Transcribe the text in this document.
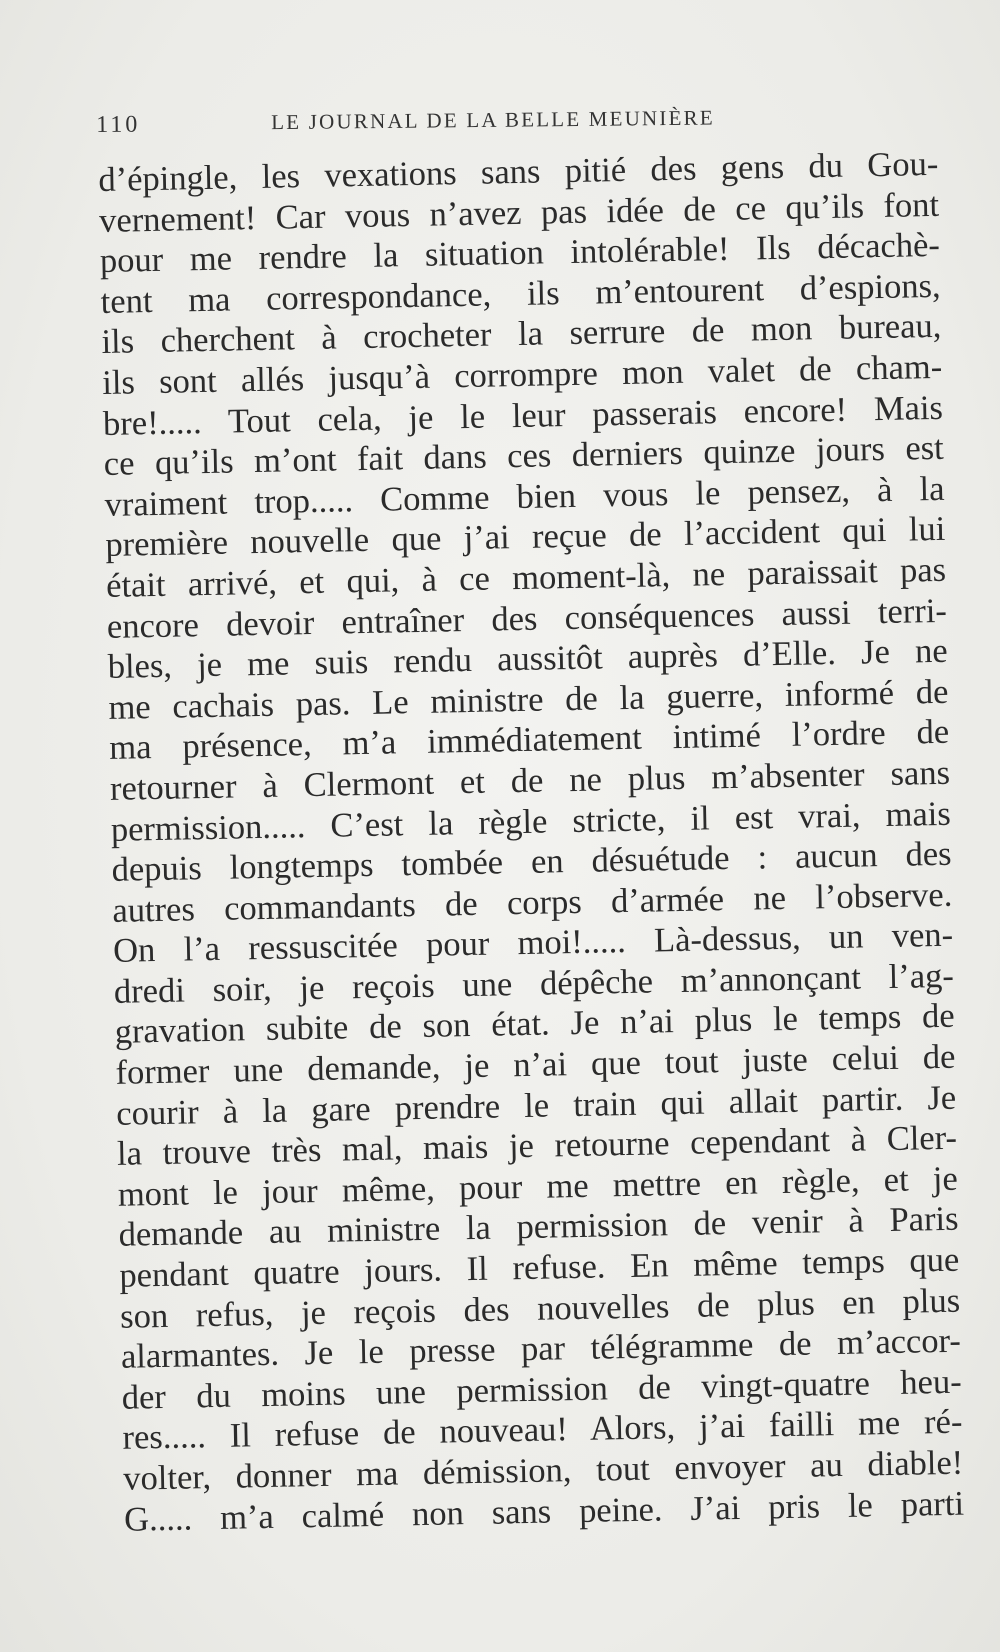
110	LE JOURNAL DE LA BELLE MEUNIÈRE
d’épingle, les vexations sans pitié des gens du Gou-
vernement! Car vous n’avez pas idée de ce qu’ils font
pour me rendre la situation intolérable! Ils décachè-
tent ma correspondance, ils m’entourent d’espions,
ils cherchent à crocheter la serrure de mon bureau,
ils sont allés jusqu’à corrompre mon valet de cham-
bre!..... Tout cela, je le leur passerais encore! Mais
ce qu’ils m’ont fait dans ces derniers quinze jours est
vraiment trop..... Comme bien vous le pensez, à la
première nouvelle que j’ai reçue de l’accident qui lui
était arrivé, et qui, à ce moment-là, ne paraissait pas
encore devoir entraîner des conséquences aussi terri-
bles, je me suis rendu aussitôt auprès d’Elle. Je ne
me cachais pas. Le ministre de la guerre, informé de
ma présence, m’a immédiatement intimé l’ordre de
retourner à Clermont et de ne plus m’absenter sans
permission..... C’est la règle stricte, il est vrai, mais
depuis longtemps tombée en désuétude : aucun des
autres commandants de corps d’armée ne l’observe.
On l’a ressuscitée pour moi!..... Là-dessus, un ven-
dredi soir, je reçois une dépêche m’annonçant l’ag-
gravation subite de son état. Je n’ai plus le temps de
former une demande, je n’ai que tout juste celui de
courir à la gare prendre le train qui allait partir. Je
la trouve très mal, mais je retourne cependant à Cler-
mont le jour même, pour me mettre en règle, et je
demande au ministre la permission de venir à Paris
pendant quatre jours. Il refuse. En même temps que
son refus, je reçois des nouvelles de plus en plus
alarmantes. Je le presse par télégramme de m’accor-
der du moins une permission de vingt-quatre heu-
res..... Il refuse de nouveau! Alors, j’ai failli me ré-
volter, donner ma démission, tout envoyer au diable!
G..... m’a calmé non sans peine. J’ai pris le parti
